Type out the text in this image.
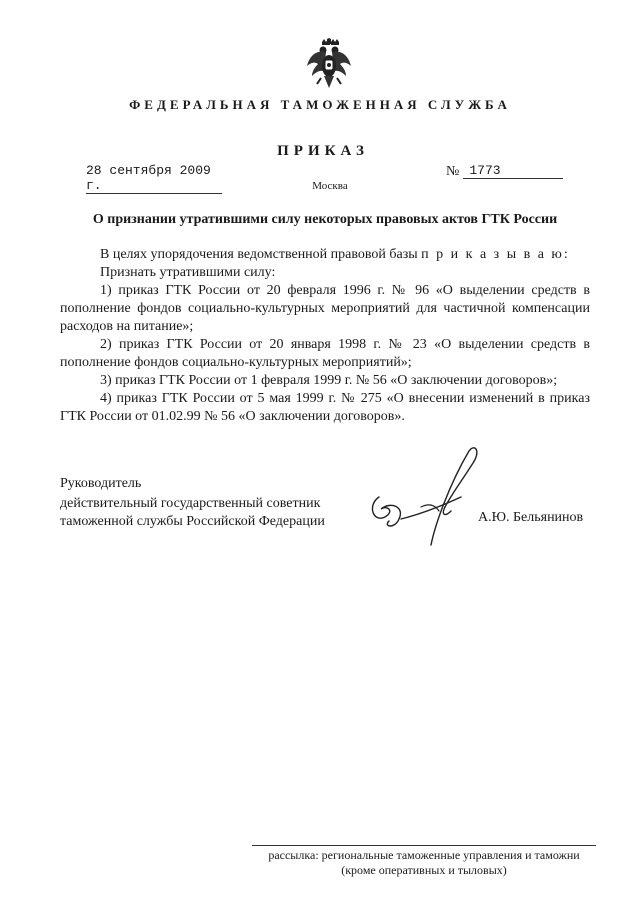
ФЕДЕРАЛЬНАЯ ТАМОЖЕННАЯ СЛУЖБА
ПРИКАЗ
28 сентября 2009 г.
№ 1773
Москва
О признании утратившими силу некоторых правовых актов ГТК России

В целях упорядочения ведомственной правовой базы п р и к а з ы в а ю:

Признать утратившими силу:

1) приказ ГТК России от 20 февраля 1996 г. № 96 «О выделении средств в пополнение фондов социально-культурных мероприятий для частичной компенсации расходов на питание»;

2) приказ ГТК России от 20 января 1998 г. № 23 «О выделении средств в пополнение фондов социально-культурных мероприятий»;

3) приказ ГТК России от 1 февраля 1999 г. № 56 «О заключении договоров»;

4) приказ ГТК России от 5 мая 1999 г. № 275 «О внесении изменений в приказ ГТК России от 01.02.99 № 56 «О заключении договоров».

Руководитель
действительный государственный советник
таможенной службы Российской Федерации	А.Ю. Бельянинов
рассылка: региональные таможенные управления и таможни
(кроме оперативных и тыловых)
